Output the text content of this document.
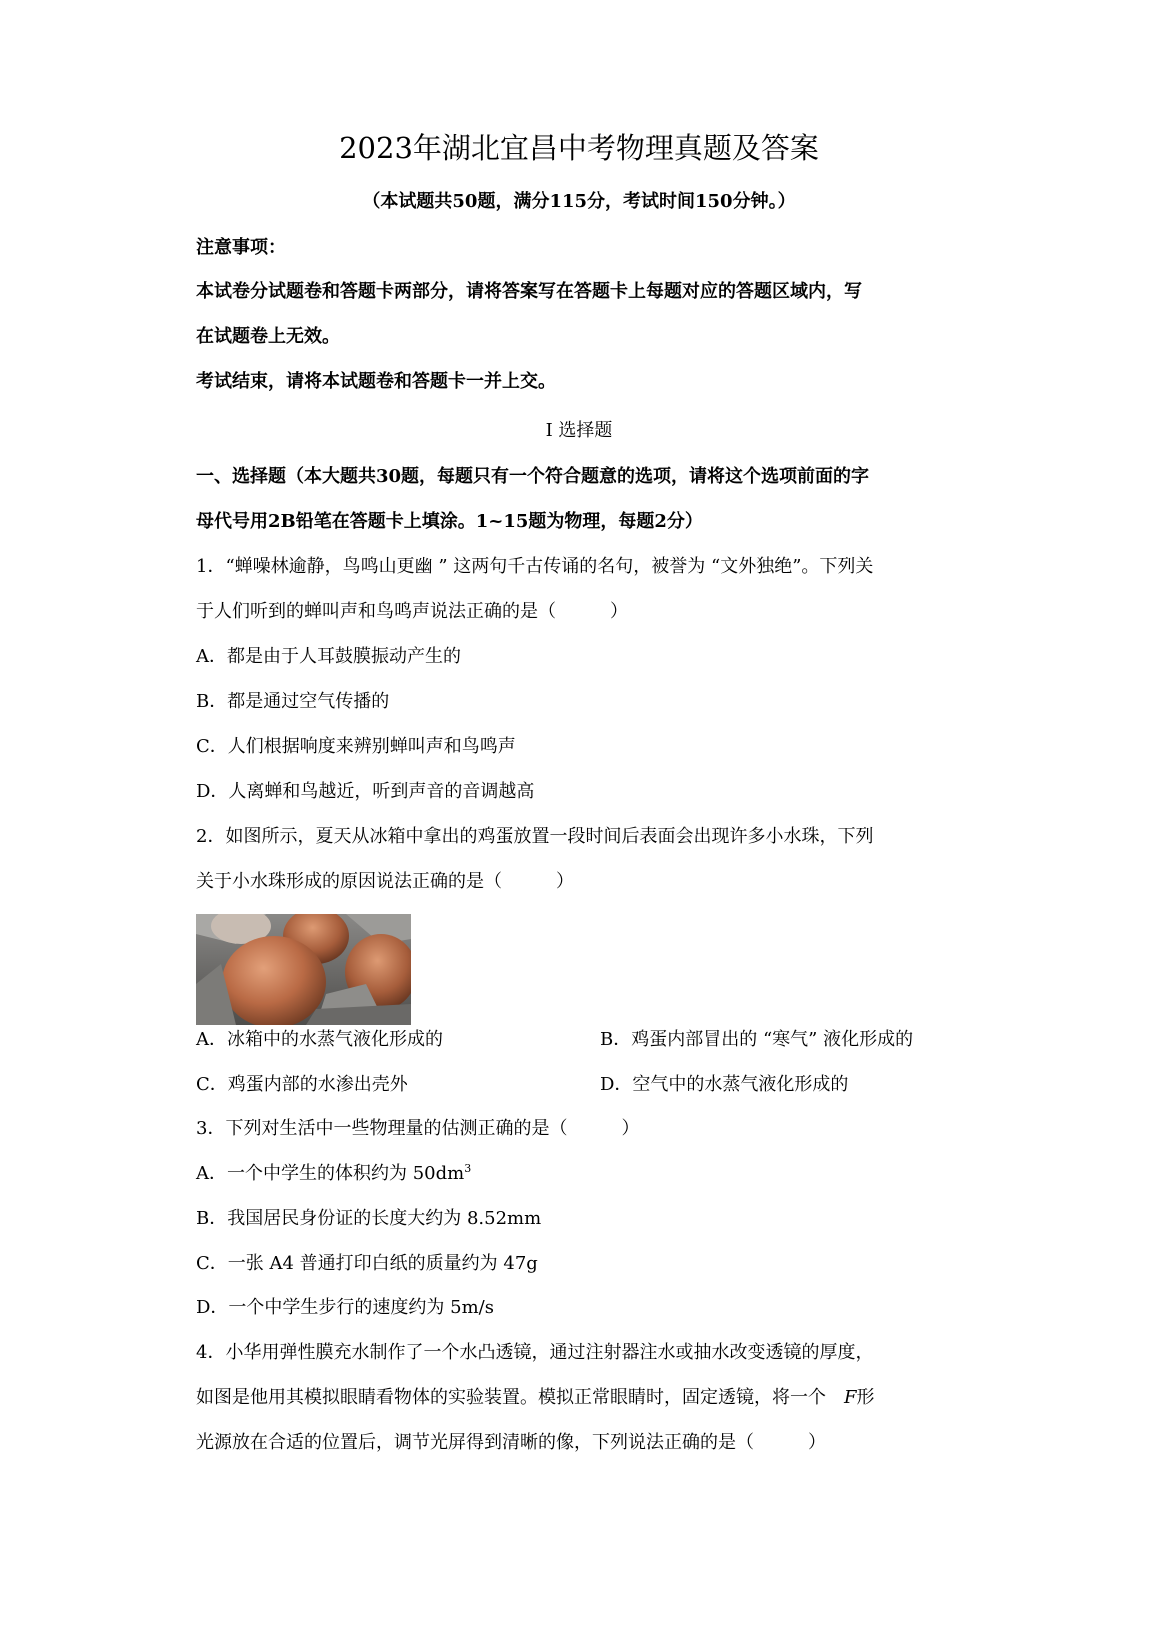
2023年湖北宜昌中考物理真题及答案
（本试题共50题，满分115分，考试时间150分钟。）
注意事项：
本试卷分试题卷和答题卡两部分，请将答案写在答题卡上每题对应的答题区域内，写
在试题卷上无效。
考试结束，请将本试题卷和答题卡一并上交。
I 选择题
一、选择题（本大题共30题，每题只有一个符合题意的选项，请将这个选项前面的字
母代号用2B铅笔在答题卡上填涂。1~15题为物理，每题2分）
1．“蝉噪林逾静，鸟鸣山更幽 ” 这两句千古传诵的名句，被誉为 “文外独绝”。下列关
于人们听到的蝉叫声和鸟鸣声说法正确的是（　　　）
A．都是由于人耳鼓膜振动产生的
B．都是通过空气传播的
C．人们根据响度来辨别蝉叫声和鸟鸣声
D．人离蝉和鸟越近，听到声音的音调越高
2．如图所示，夏天从冰箱中拿出的鸡蛋放置一段时间后表面会出现许多小水珠，下列
关于小水珠形成的原因说法正确的是（　　　）
A．冰箱中的水蒸气液化形成的	B．鸡蛋内部冒出的 “寒气” 液化形成的
C．鸡蛋内部的水渗出壳外	D．空气中的水蒸气液化形成的
3．下列对生活中一些物理量的估测正确的是（　　　）
A．一个中学生的体积约为 $50dm^3$
B．我国居民身份证的长度大约为 8.52mm
C．一张 A4 普通打印白纸的质量约为 47g
D．一个中学生步行的速度约为 5m/s
4．小华用弹性膜充水制作了一个水凸透镜，通过注射器注水或抽水改变透镜的厚度，
如图是他用其模拟眼睛看物体的实验装置。模拟正常眼睛时，固定透镜，将一个　F形
光源放在合适的位置后，调节光屏得到清晰的像，下列说法正确的是（　　　）
